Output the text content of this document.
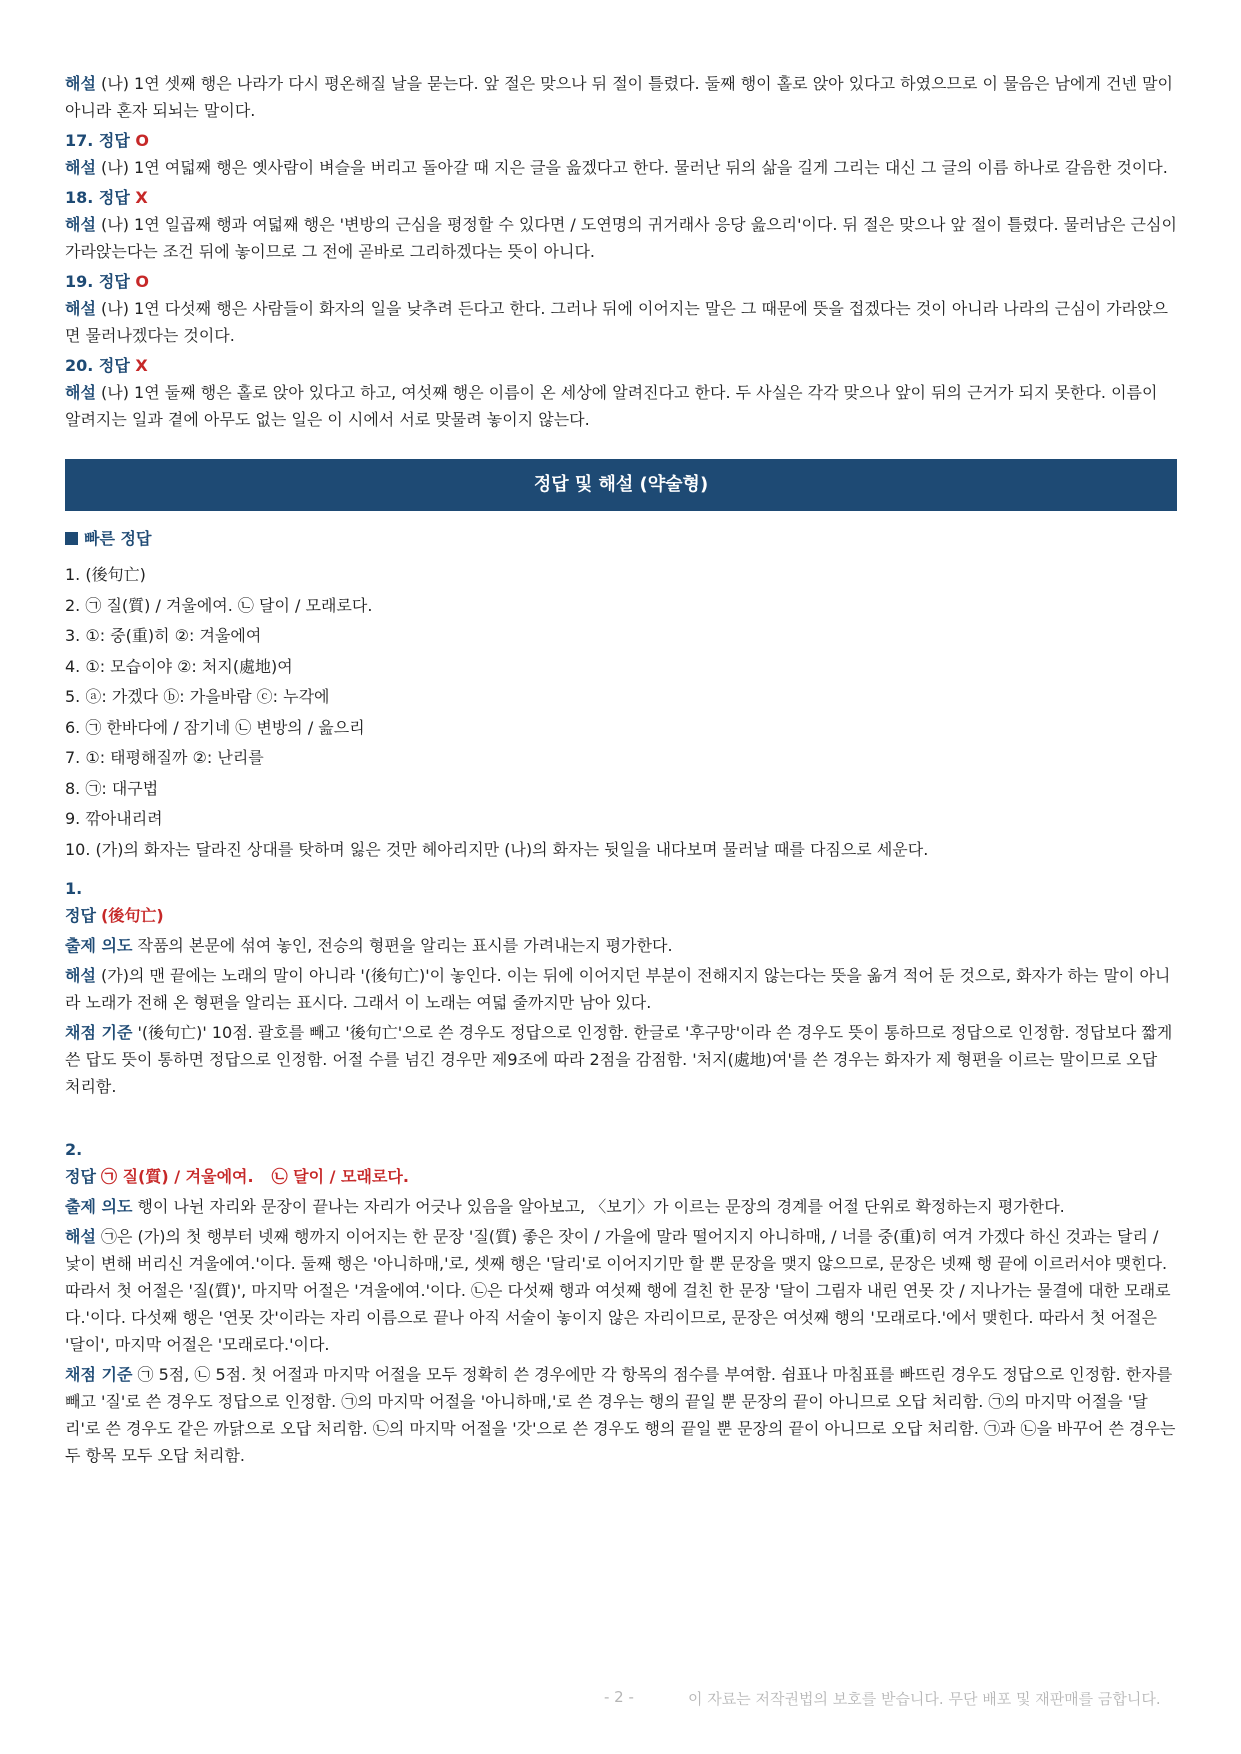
해설 (나) 1연 셋째 행은 나라가 다시 평온해질 날을 묻는다. 앞 절은 맞으나 뒤 절이 틀렸다. 둘째 행이 홀로 앉아 있다고 하였으므로 이 물음은 남에게 건넨 말이 아니라 혼자 되뇌는 말이다.

17. 정답 O

해설 (나) 1연 여덟째 행은 옛사람이 벼슬을 버리고 돌아갈 때 지은 글을 읊겠다고 한다. 물러난 뒤의 삶을 길게 그리는 대신 그 글의 이름 하나로 갈음한 것이다.

18. 정답 X

해설 (나) 1연 일곱째 행과 여덟째 행은 '변방의 근심을 평정할 수 있다면 / 도연명의 귀거래사 응당 읊으리'이다. 뒤 절은 맞으나 앞 절이 틀렸다. 물러남은 근심이 가라앉는다는 조건 뒤에 놓이므로 그 전에 곧바로 그리하겠다는 뜻이 아니다.

19. 정답 O

해설 (나) 1연 다섯째 행은 사람들이 화자의 일을 낮추려 든다고 한다. 그러나 뒤에 이어지는 말은 그 때문에 뜻을 접겠다는 것이 아니라 나라의 근심이 가라앉으면 물러나겠다는 것이다.

20. 정답 X

해설 (나) 1연 둘째 행은 홀로 앉아 있다고 하고, 여섯째 행은 이름이 온 세상에 알려진다고 한다. 두 사실은 각각 맞으나 앞이 뒤의 근거가 되지 못한다. 이름이 알려지는 일과 곁에 아무도 없는 일은 이 시에서 서로 맞물려 놓이지 않는다.

정답 및 해설 (약술형)

빠른 정답

1. (後句亡)

2. ㉠ 질(質) / 겨울에여. ㉡ 달이 / 모래로다.

3. ①: 중(重)히 ②: 겨울에여

4. ①: 모습이야 ②: 처지(處地)여

5. ⓐ: 가겠다 ⓑ: 가을바람 ⓒ: 누각에

6. ㉠ 한바다에 / 잠기네 ㉡ 변방의 / 읊으리

7. ①: 태평해질까 ②: 난리를

8. ㉠: 대구법

9. 깎아내리려

10. (가)의 화자는 달라진 상대를 탓하며 잃은 것만 헤아리지만 (나)의 화자는 뒷일을 내다보며 물러날 때를 다짐으로 세운다.

1.

정답 (後句亡)

출제 의도 작품의 본문에 섞여 놓인, 전승의 형편을 알리는 표시를 가려내는지 평가한다.

해설 (가)의 맨 끝에는 노래의 말이 아니라 '(後句亡)'이 놓인다. 이는 뒤에 이어지던 부분이 전해지지 않는다는 뜻을 옮겨 적어 둔 것으로, 화자가 하는 말이 아니라 노래가 전해 온 형편을 알리는 표시다. 그래서 이 노래는 여덟 줄까지만 남아 있다.

채점 기준 '(後句亡)' 10점. 괄호를 빼고 '後句亡'으로 쓴 경우도 정답으로 인정함. 한글로 '후구망'이라 쓴 경우도 뜻이 통하므로 정답으로 인정함. 정답보다 짧게 쓴 답도 뜻이 통하면 정답으로 인정함. 어절 수를 넘긴 경우만 제9조에 따라 2점을 감점함. '처지(處地)여'를 쓴 경우는 화자가 제 형편을 이르는 말이므로 오답 처리함.

2.

정답 ㉠ 질(質) / 겨울에여. ㉡ 달이 / 모래로다.

출제 의도 행이 나뉜 자리와 문장이 끝나는 자리가 어긋나 있음을 알아보고, 〈보기〉가 이르는 문장의 경계를 어절 단위로 확정하는지 평가한다.

해설 ㉠은 (가)의 첫 행부터 넷째 행까지 이어지는 한 문장 '질(質) 좋은 잣이 / 가을에 말라 떨어지지 아니하매, / 너를 중(重)히 여겨 가겠다 하신 것과는 달리 / 낯이 변해 버리신 겨울에여.'이다. 둘째 행은 '아니하매,'로, 셋째 행은 '달리'로 이어지기만 할 뿐 문장을 맺지 않으므로, 문장은 넷째 행 끝에 이르러서야 맺힌다. 따라서 첫 어절은 '질(質)', 마지막 어절은 '겨울에여.'이다. ㉡은 다섯째 행과 여섯째 행에 걸친 한 문장 '달이 그림자 내린 연못 갓 / 지나가는 물결에 대한 모래로다.'이다. 다섯째 행은 '연못 갓'이라는 자리 이름으로 끝나 아직 서술이 놓이지 않은 자리이므로, 문장은 여섯째 행의 '모래로다.'에서 맺힌다. 따라서 첫 어절은 '달이', 마지막 어절은 '모래로다.'이다.

채점 기준 ㉠ 5점, ㉡ 5점. 첫 어절과 마지막 어절을 모두 정확히 쓴 경우에만 각 항목의 점수를 부여함. 쉼표나 마침표를 빠뜨린 경우도 정답으로 인정함. 한자를 빼고 '질'로 쓴 경우도 정답으로 인정함. ㉠의 마지막 어절을 '아니하매,'로 쓴 경우는 행의 끝일 뿐 문장의 끝이 아니므로 오답 처리함. ㉠의 마지막 어절을 '달리'로 쓴 경우도 같은 까닭으로 오답 처리함. ㉡의 마지막 어절을 '갓'으로 쓴 경우도 행의 끝일 뿐 문장의 끝이 아니므로 오답 처리함. ㉠과 ㉡을 바꾸어 쓴 경우는 두 항목 모두 오답 처리함.

- 2 -	이 자료는 저작권법의 보호를 받습니다. 무단 배포 및 재판매를 금합니다.
